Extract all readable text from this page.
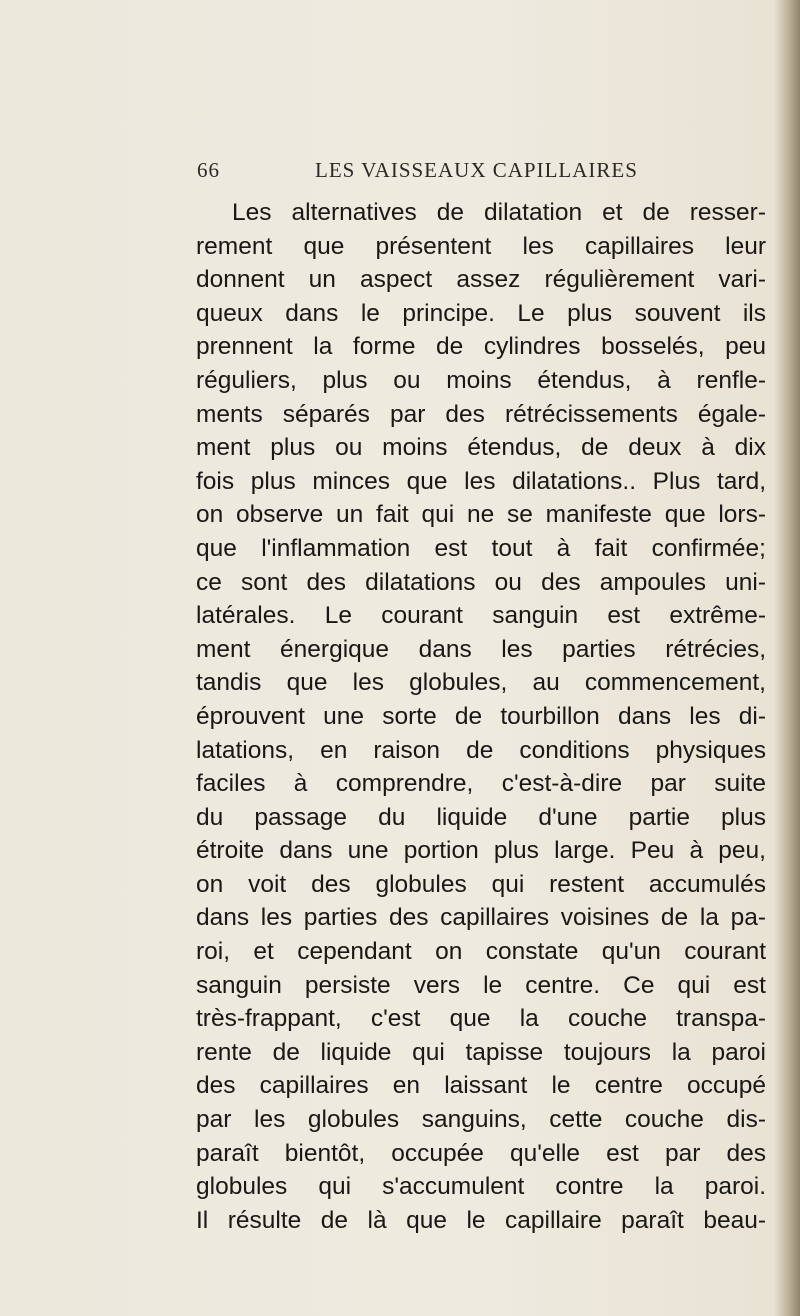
66	LES VAISSEAUX CAPILLAIRES
Les alternatives de dilatation et de resser-
rement que présentent les capillaires leur
donnent un aspect assez régulièrement vari-
queux dans le principe. Le plus souvent ils
prennent la forme de cylindres bosselés, peu
réguliers, plus ou moins étendus, à renfle-
ments séparés par des rétrécissements égale-
ment plus ou moins étendus, de deux à dix
fois plus minces que les dilatations.. Plus tard,
on observe un fait qui ne se manifeste que lors-
que l'inflammation est tout à fait confirmée;
ce sont des dilatations ou des ampoules uni-
latérales. Le courant sanguin est extrême-
ment énergique dans les parties rétrécies,
tandis que les globules, au commencement,
éprouvent une sorte de tourbillon dans les di-
latations, en raison de conditions physiques
faciles à comprendre, c'est-à-dire par suite
du passage du liquide d'une partie plus
étroite dans une portion plus large. Peu à peu,
on voit des globules qui restent accumulés
dans les parties des capillaires voisines de la pa-
roi, et cependant on constate qu'un courant
sanguin persiste vers le centre. Ce qui est
très-frappant, c'est que la couche transpa-
rente de liquide qui tapisse toujours la paroi
des capillaires en laissant le centre occupé
par les globules sanguins, cette couche dis-
paraît bientôt, occupée qu'elle est par des
globules qui s'accumulent contre la paroi.
Il résulte de là que le capillaire paraît beau-
